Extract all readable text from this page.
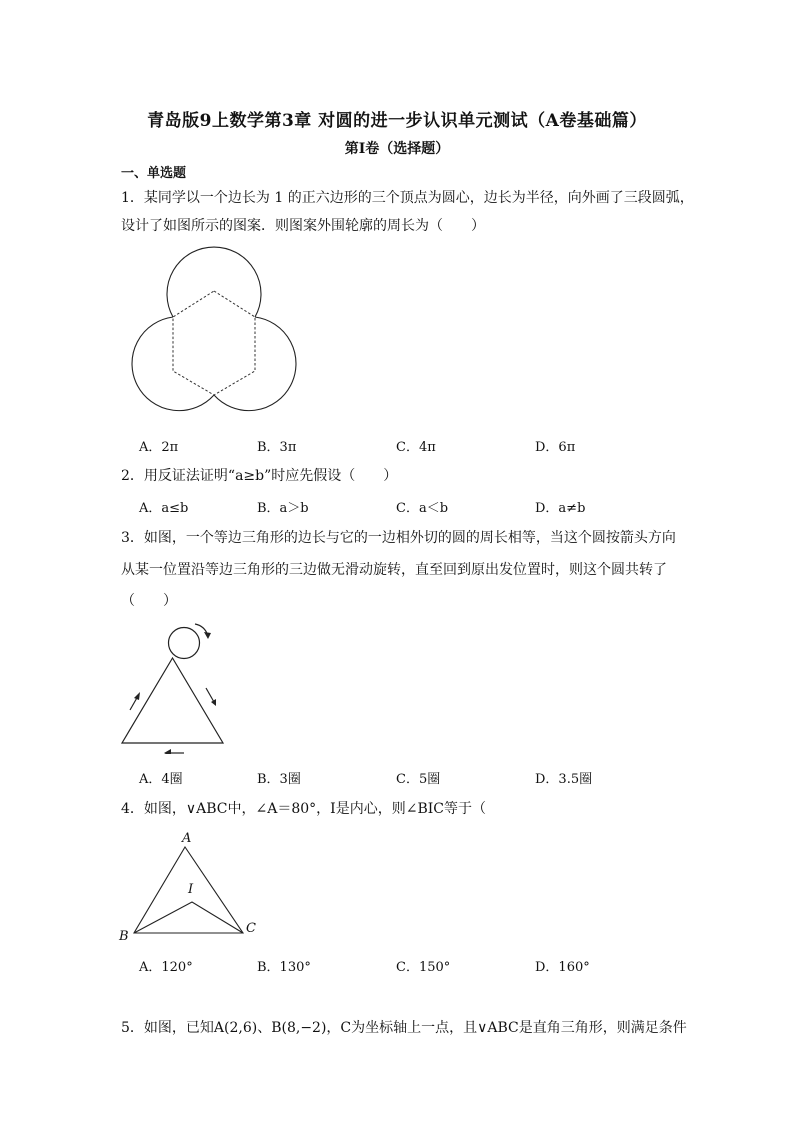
青岛版9上数学第3章 对圆的进一步认识单元测试（A卷基础篇）
第Ⅰ卷（选择题）
一、单选题
1．某同学以一个边长为 1 的正六边形的三个顶点为圆心，边长为半径，向外画了三段圆弧，
设计了如图所示的图案．则图案外围轮廓的周长为（　　）
A．2π	B．3π	C．4π	D．6π
2．用反证法证明“a≥b”时应先假设（　　）
A．a≤b	B．a＞b	C．a＜b	D．a≠b
3．如图，一个等边三角形的边长与它的一边相外切的圆的周长相等，当这个圆按箭头方向
从某一位置沿等边三角形的三边做无滑动旋转，直至回到原出发位置时，则这个圆共转了
（　　）
A．4圈	B．3圈	C．5圈	D．3.5圈
4．如图，∨ABC中，∠A＝80°，I是内心，则∠BIC等于（
A
B
C
I
A．120°	B．130°	C．150°	D．160°
5．如图，已知A(2,6)、B(8,−2)，C为坐标轴上一点，且∨ABC是直角三角形，则满足条件
